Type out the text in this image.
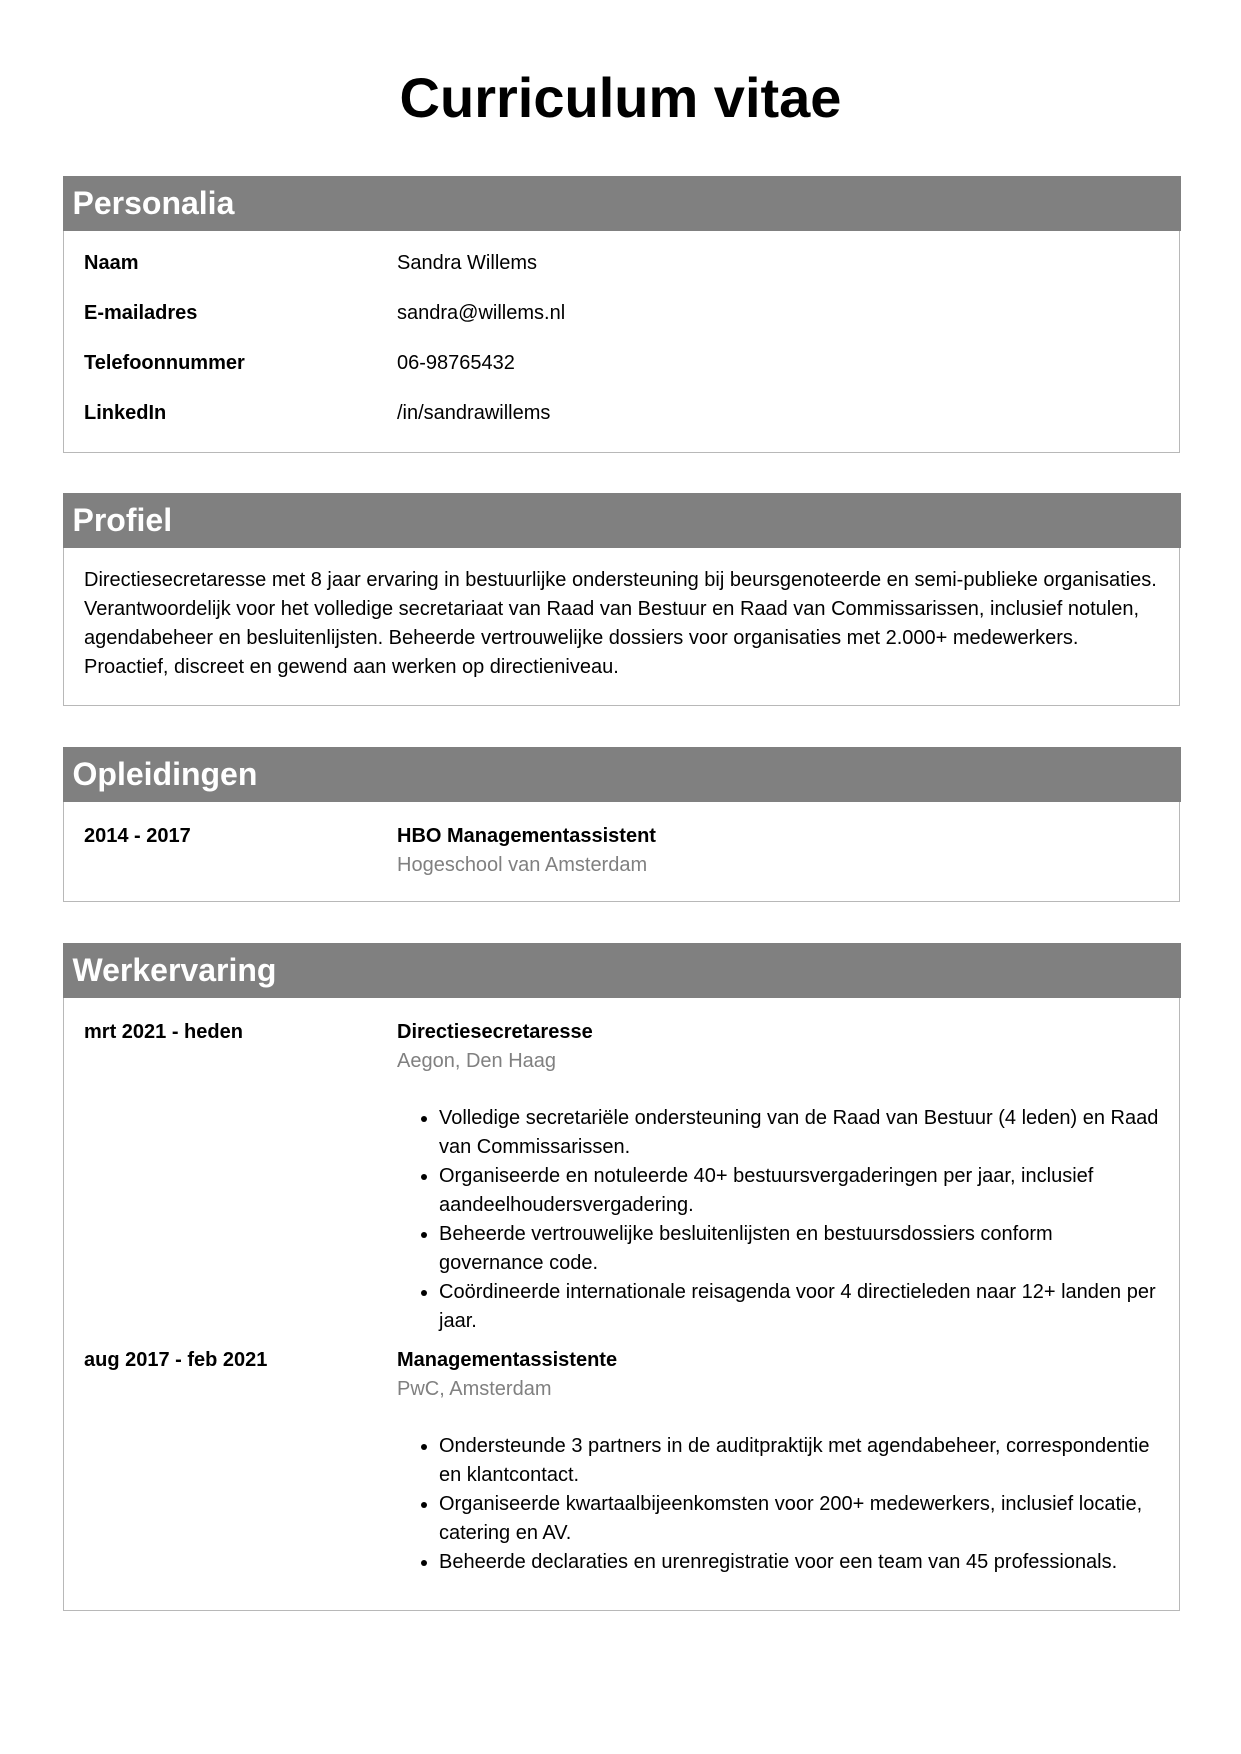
Curriculum vitae
Personalia
Naam	Sandra Willems
E-mailadres	sandra@willems.nl
Telefoonnummer	06-98765432
LinkedIn	/in/sandrawillems
Profiel

Directiesecretaresse met 8 jaar ervaring in bestuurlijke ondersteuning bij beursgenoteerde en semi-publieke organisaties. Verantwoordelijk voor het volledige secretariaat van Raad van Bestuur en Raad van Commissarissen, inclusief notulen, agendabeheer en besluitenlijsten. Beheerde vertrouwelijke dossiers voor organisaties met 2.000+ medewerkers. Proactief, discreet en gewend aan werken op directieniveau.

Opleidingen
2014 - 2017	HBO Managementassistent
Hogeschool van Amsterdam
Werkervaring
mrt 2021 - heden	Directiesecretaresse
Aegon, Den Haag
• Volledige secretariële ondersteuning van de Raad van Bestuur (4 leden) en Raad van Commissarissen.
• Organiseerde en notuleerde 40+ bestuursvergaderingen per jaar, inclusief aandeelhoudersvergadering.
• Beheerde vertrouwelijke besluitenlijsten en bestuursdossiers conform governance code.
• Coördineerde internationale reisagenda voor 4 directieleden naar 12+ landen per jaar.
aug 2017 - feb 2021	Managementassistente
PwC, Amsterdam
• Ondersteunde 3 partners in de auditpraktijk met agendabeheer, correspondentie en klantcontact.
• Organiseerde kwartaalbijeenkomsten voor 200+ medewerkers, inclusief locatie, catering en AV.
• Beheerde declaraties en urenregistratie voor een team van 45 professionals.
